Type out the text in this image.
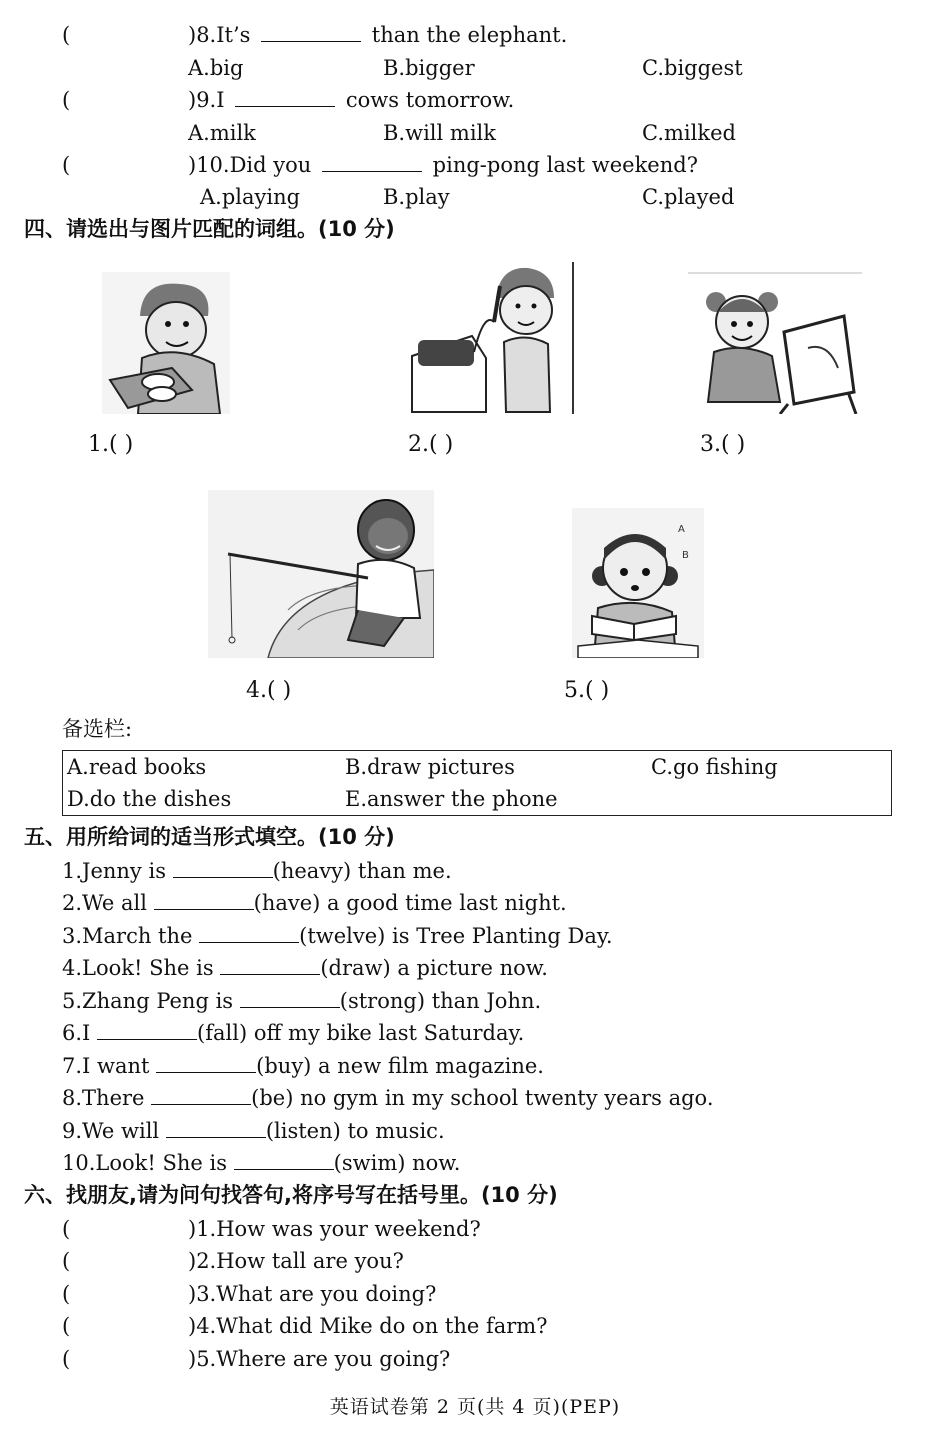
(	)8.It’s	than the elephant.
A.big	B.bigger	C.biggest
(	)9.I	cows tomorrow.
A.milk	B.will milk	C.milked
(	)10.Did you	ping-pong last weekend?
A.playing	B.play	C.played
四、请选出与图片匹配的词组。(10 分)
1.( )	2.( )	3.( )
A
B
4.( )	5.( )
备选栏:
A.read books	B.draw pictures	C.go fishing
D.do the dishes	E.answer the phone
五、用所给词的适当形式填空。(10 分)
1.Jenny is	(heavy) than me.
2.We all	(have) a good time last night.
3.March the	(twelve) is Tree Planting Day.
4.Look! She is	(draw) a picture now.
5.Zhang Peng is	(strong) than John.
6.I	(fall) off my bike last Saturday.
7.I want	(buy) a new film magazine.
8.There	(be) no gym in my school twenty years ago.
9.We will	(listen) to music.
10.Look! She is	(swim) now.
六、找朋友,请为问句找答句,将序号写在括号里。(10 分)
(	)1.How was your weekend?
(	)2.How tall are you?
(	)3.What are you doing?
(	)4.What did Mike do on the farm?
(	)5.Where are you going?
英语试卷第 2 页(共 4 页)(PEP)
